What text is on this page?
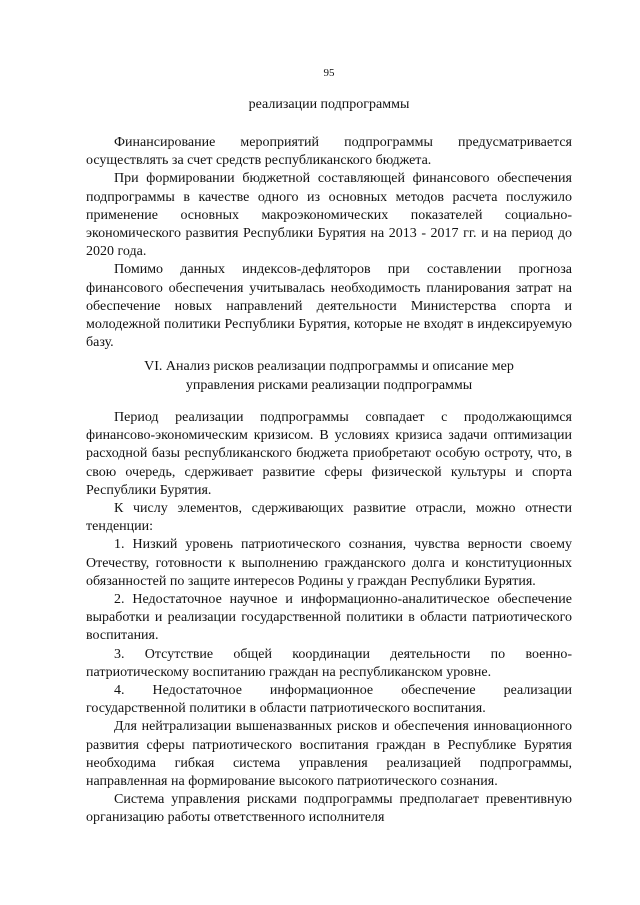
95
реализации подпрограммы

Финансирование мероприятий подпрограммы предусматривается осуществлять за счет средств республиканского бюджета.

При формировании бюджетной составляющей финансового обеспечения подпрограммы в качестве одного из основных методов расчета послужило применение основных макроэкономических показателей социально-экономического развития Республики Бурятия на 2013 - 2017 гг. и на период до 2020 года.

Помимо данных индексов-дефляторов при составлении прогноза финансового обеспечения учитывалась необходимость планирования затрат на обеспечение новых направлений деятельности Министерства спорта и молодежной политики Республики Бурятия, которые не входят в индексируемую базу.

VI. Анализ рисков реализации подпрограммы и описание мер
управления рисками реализации подпрограммы

Период реализации подпрограммы совпадает с продолжающимся финансово-экономическим кризисом. В условиях кризиса задачи оптимизации расходной базы республиканского бюджета приобретают особую остроту, что, в свою очередь, сдерживает развитие сферы физической культуры и спорта Республики Бурятия.

К числу элементов, сдерживающих развитие отрасли, можно отнести тенденции:

1. Низкий уровень патриотического сознания, чувства верности своему Отечеству, готовности к выполнению гражданского долга и конституционных обязанностей по защите интересов Родины у граждан Республики Бурятия.

2. Недостаточное научное и информационно-аналитическое обеспечение выработки и реализации государственной политики в области патриотического воспитания.

3. Отсутствие общей координации деятельности по военно-патриотическому воспитанию граждан на республиканском уровне.

4. Недостаточное информационное обеспечение реализации государственной политики в области патриотического воспитания.

Для нейтрализации вышеназванных рисков и обеспечения инновационного развития сферы патриотического воспитания граждан в Республике Бурятия необходима гибкая система управления реализацией подпрограммы, направленная на формирование высокого патриотического сознания.

Система управления рисками подпрограммы предполагает превентивную организацию работы ответственного исполнителя
